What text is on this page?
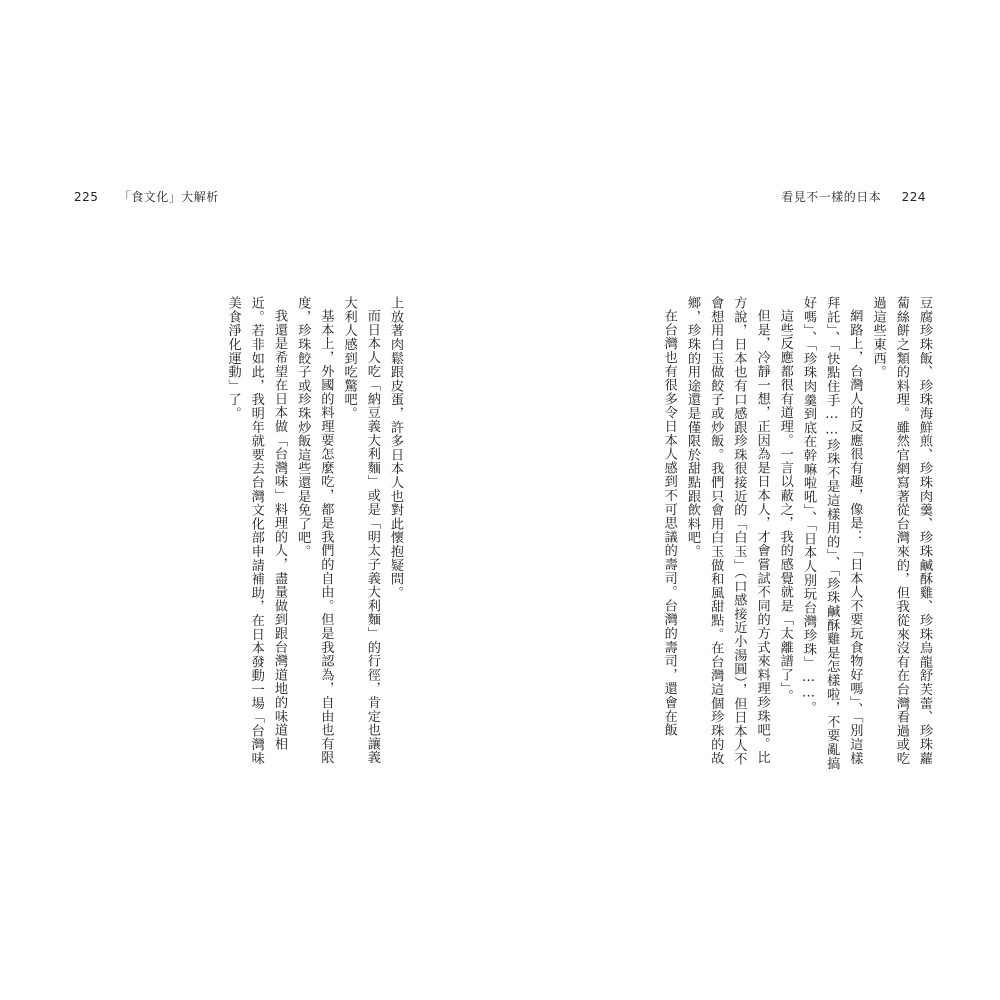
225 「食文化」大解析	看見不一樣的日本 224

豆腐珍珠飯、珍珠海鮮煎、珍珠肉羹、珍珠鹹酥雞、珍珠烏龍舒芙蕾、珍珠蘿蔔絲餅之類的料理。雖然官網寫著從台灣來的，但我從來沒有在台灣看過或吃過這些東西。

網路上，台灣人的反應很有趣，像是：「日本人不要玩食物好嗎」、「別這樣拜託」、「快點住手……珍珠不是這樣用的」、「珍珠鹹酥雞是怎樣啦，不要亂搞好嗎」、「珍珠肉羹到底在幹嘛啦吼」、「日本人別玩台灣珍珠」……。

這些反應都很有道理。一言以蔽之，我的感覺就是「太離譜了」。

但是，冷靜一想，正因為是日本人，才會嘗試不同的方式來料理珍珠吧。比方說，日本也有口感跟珍珠很接近的「白玉」（口感接近小湯圓），但日本人不會想用白玉做餃子或炒飯。我們只會用白玉做和風甜點。在台灣這個珍珠的故鄉，珍珠的用途還是僅限於甜點跟飲料吧。

在台灣也有很多令日本人感到不可思議的壽司。台灣的壽司，還會在飯

上放著肉鬆跟皮蛋，許多日本人也對此懷抱疑問。

而日本人吃「納豆義大利麵」或是「明太子義大利麵」的行徑，肯定也讓義大利人感到吃驚吧。

基本上，外國的料理要怎麼吃，都是我們的自由。但是我認為，自由也有限度，珍珠餃子或珍珠炒飯這些還是免了吧。

我還是希望在日本做「台灣味」料理的人，盡量做到跟台灣道地的味道相近。若非如此，我明年就要去台灣文化部申請補助，在日本發動一場「台灣味美食淨化運動」了。
